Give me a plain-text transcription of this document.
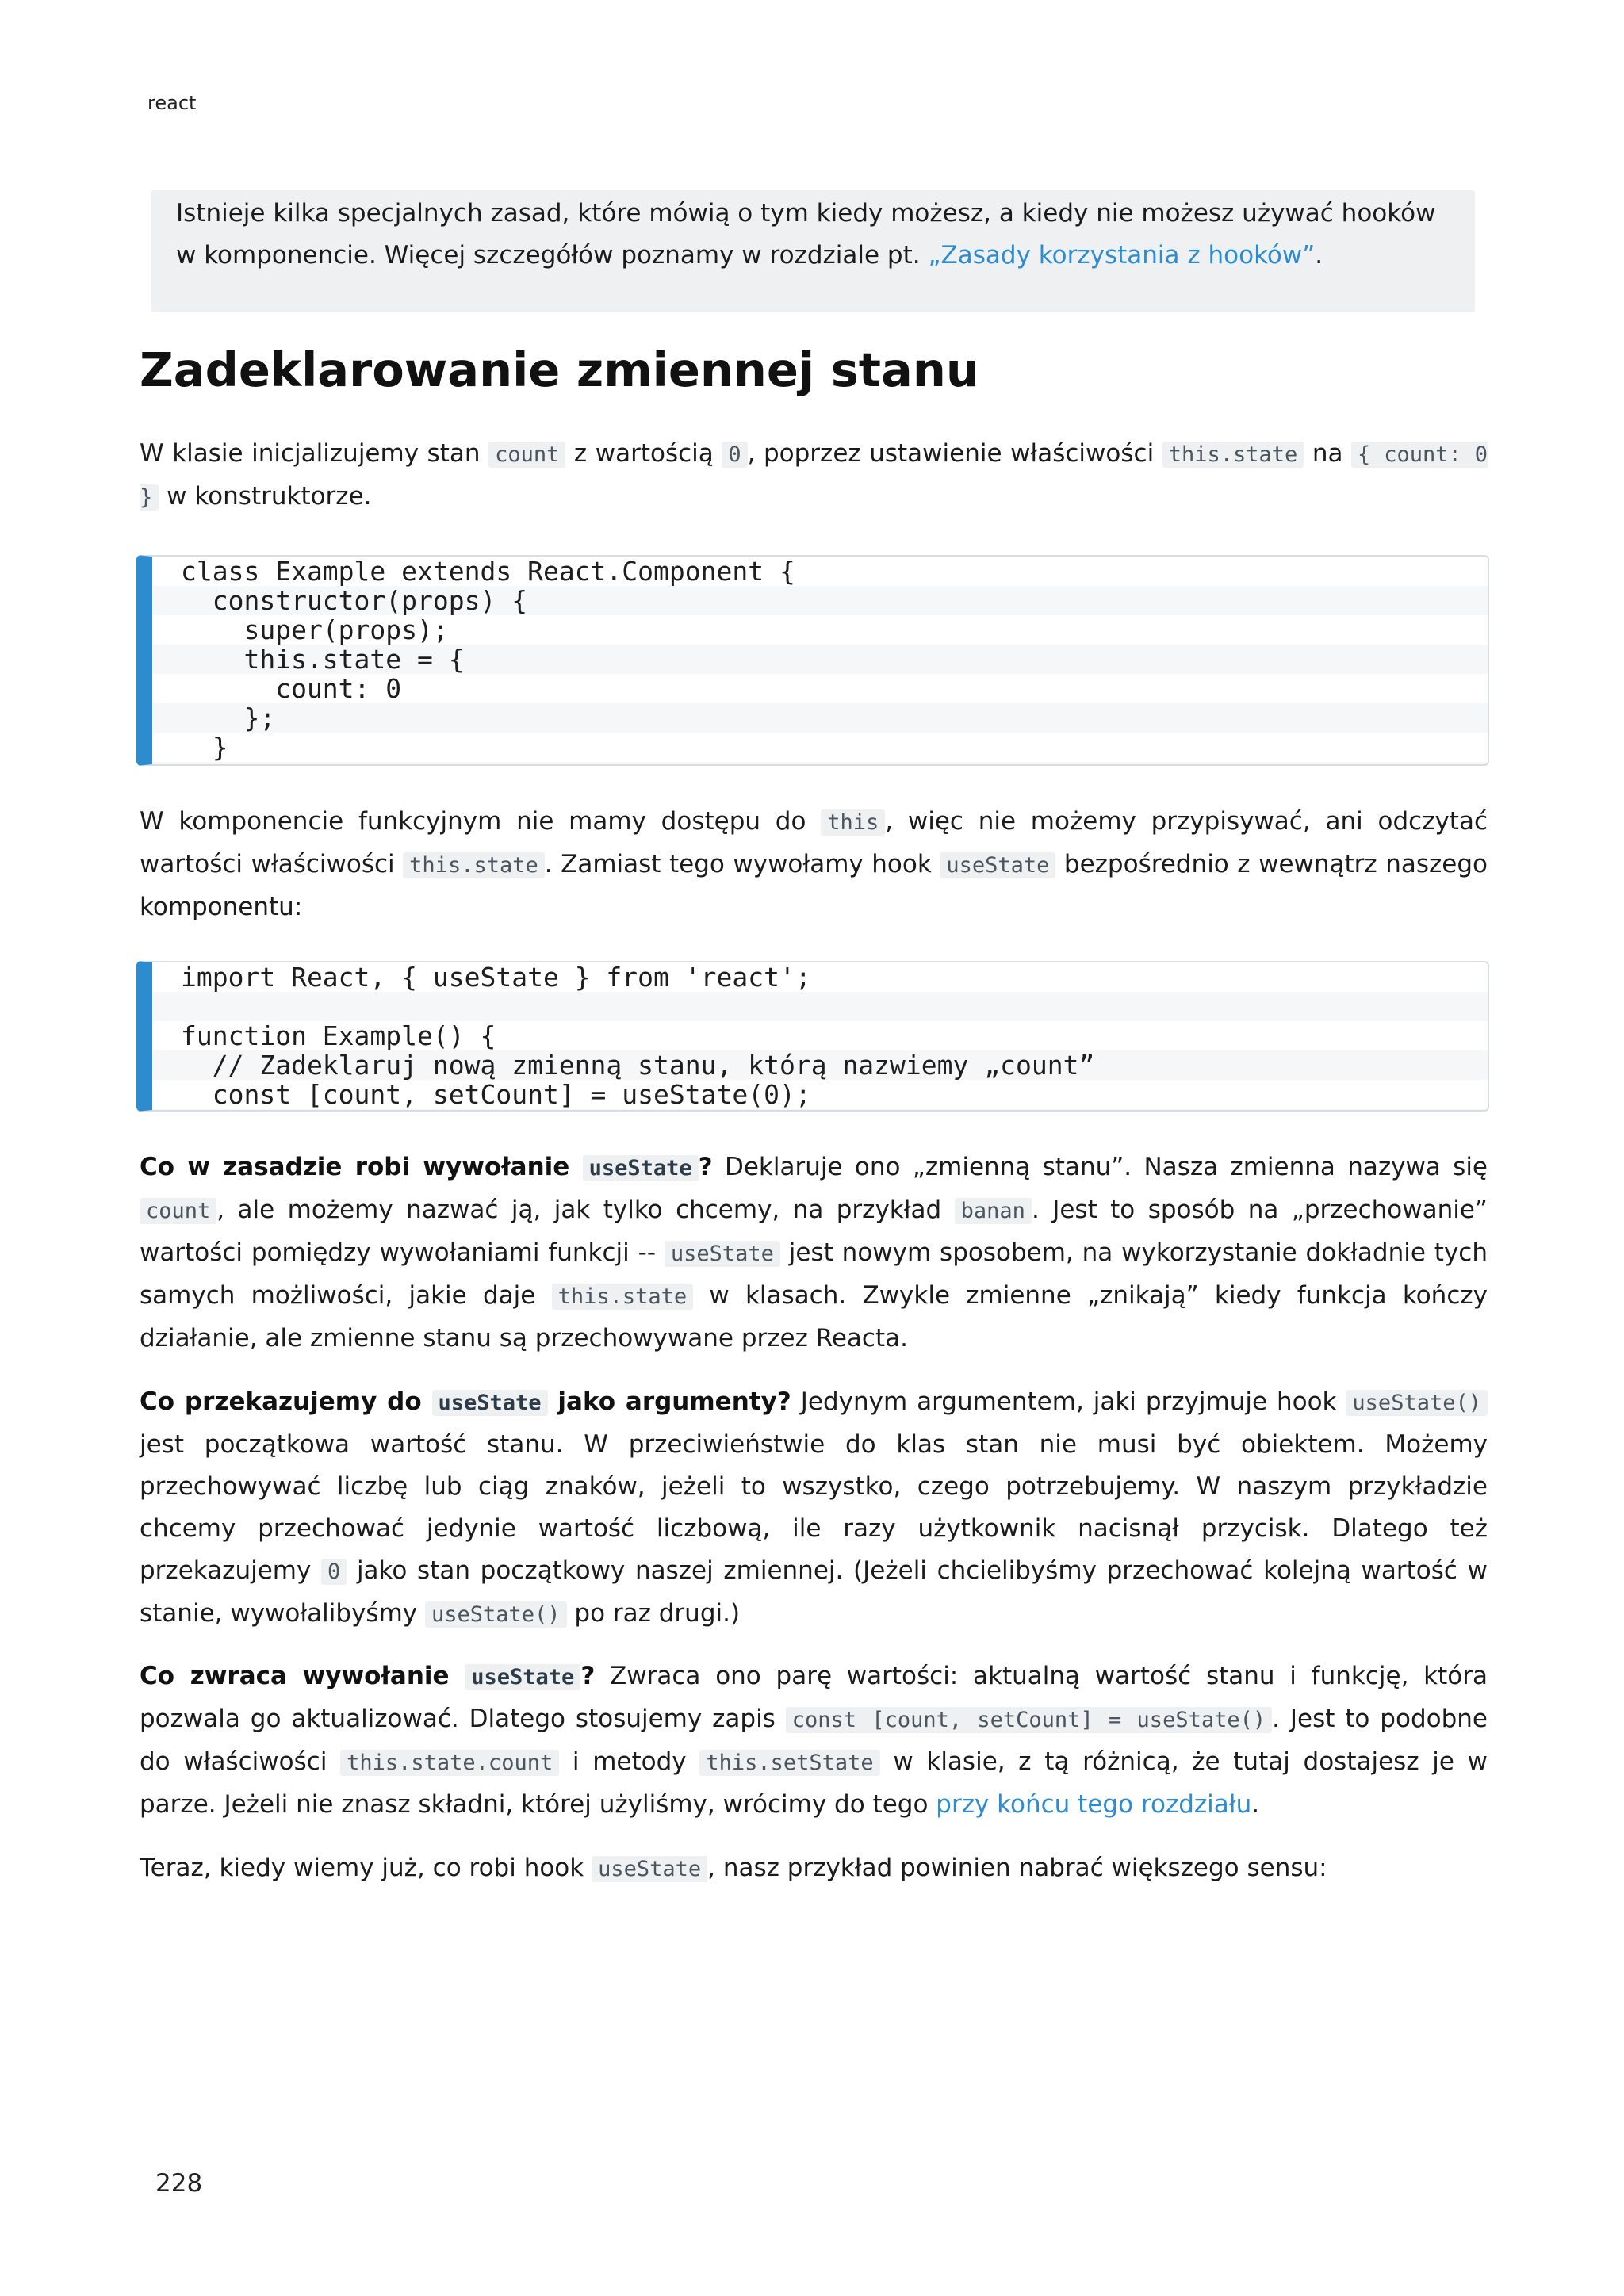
react

Istnieje kilka specjalnych zasad, które mówią o tym kiedy możesz, a kiedy nie możesz używać hooków w komponencie. Więcej szczegółów poznamy w rozdziale pt. „Zasady korzystania z hooków”.

Zadeklarowanie zmiennej stanu

W klasie inicjalizujemy stan count z wartością 0 , poprzez ustawienie właściwości this.state na { count: 0 } w konstruktorze.

class Example extends React.Component {
constructor(props) {
super(props);
this.state = {
count: 0
};
}

W komponencie funkcyjnym nie mamy dostępu do this , więc nie możemy przypisywać, ani odczytać wartości właściwości this.state . Zamiast tego wywołamy hook useState bezpośrednio z wewnątrz naszego komponentu:

import React, { useState } from 'react';

function Example() {
// Zadeklaruj nową zmienną stanu, którą nazwiemy „count”
const [count, setCount] = useState(0);

Co w zasadzie robi wywołanie useState ? Deklaruje ono „zmienną stanu”. Nasza zmienna nazywa się count , ale możemy nazwać ją, jak tylko chcemy, na przykład banan . Jest to sposób na „przechowanie” wartości pomiędzy wywołaniami funkcji -- useState jest nowym sposobem, na wykorzystanie dokładnie tych samych możliwości, jakie daje this.state w klasach. Zwykle zmienne „znikają” kiedy funkcja kończy działanie, ale zmienne stanu są przechowywane przez Reacta.

Co przekazujemy do useState jako argumenty? Jedynym argumentem, jaki przyjmuje hook useState() jest początkowa wartość stanu. W przeciwieństwie do klas stan nie musi być obiektem. Możemy przechowywać liczbę lub ciąg znaków, jeżeli to wszystko, czego potrzebujemy. W naszym przykładzie chcemy przechować jedynie wartość liczbową, ile razy użytkownik nacisnął przycisk. Dlatego też przekazujemy 0 jako stan początkowy naszej zmiennej. (Jeżeli chcielibyśmy przechować kolejną wartość w stanie, wywołalibyśmy useState() po raz drugi.)

Co zwraca wywołanie useState ? Zwraca ono parę wartości: aktualną wartość stanu i funkcję, która pozwala go aktualizować. Dlatego stosujemy zapis const [count, setCount] = useState() . Jest to podobne do właściwości this.state.count i metody this.setState w klasie, z tą różnicą, że tutaj dostajesz je w parze. Jeżeli nie znasz składni, której użyliśmy, wrócimy do tego przy końcu tego rozdziału.

Teraz, kiedy wiemy już, co robi hook useState , nasz przykład powinien nabrać większego sensu:

228
